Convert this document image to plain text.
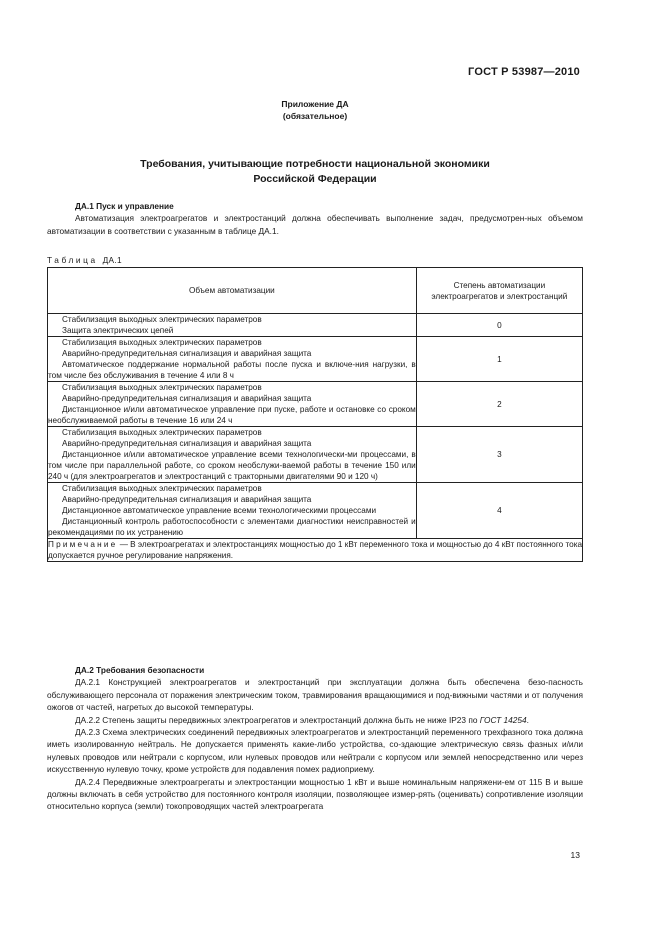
ГОСТ Р 53987—2010
Приложение ДА
(обязательное)
Требования, учитывающие потребности национальной экономики
Российской Федерации

ДА.1 Пуск и управление

Автоматизация электроагрегатов и электростанций должна обеспечивать выполнение задач, предусмотрен-ных объемом автоматизации в соответствии с указанным в таблице ДА.1.

Таблица ДА.1
Объем автоматизации	Степень автоматизации
электроагрегатов и электростанций

Стабилизация выходных электрических параметров
Защита электрических цепей	0

Стабилизация выходных электрических параметров
Аварийно-предупредительная сигнализация и аварийная защита
Автоматическое поддержание нормальной работы после пуска и включе-ния нагрузки, в том числе без обслуживания в течение 4 или 8 ч	1

Стабилизация выходных электрических параметров
Аварийно-предупредительная сигнализация и аварийная защита
Дистанционное и/или автоматическое управление при пуске, работе и остановке со сроком необслуживаемой работы в течение 16 или 24 ч	2

Стабилизация выходных электрических параметров
Аварийно-предупредительная сигнализация и аварийная защита
Дистанционное и/или автоматическое управление всеми технологически-ми процессами, в том числе при параллельной работе, со сроком необслужи-ваемой работы в течение 150 или 240 ч (для электроагрегатов и электростанций с тракторными двигателями 90 и 120 ч)	3

Стабилизация выходных электрических параметров
Аварийно-предупредительная сигнализация и аварийная защита
Дистанционное автоматическое управление всеми технологическими процессами
Дистанционный контроль работоспособности с элементами диагностики неисправностей и рекомендациями по их устранению	4
Примечание — В электроагрегатах и электростанциях мощностью до 1 кВт переменного тока и мощностью до 4 кВт постоянного тока допускается ручное регулирование напряжения.	

ДА.2 Требования безопасности

ДА.2.1 Конструкцией электроагрегатов и электростанций при эксплуатации должна быть обеспечена безо-пасность обслуживающего персонала от поражения электрическим током, травмирования вращающимися и под-вижными частями и от получения ожогов от частей, нагретых до высокой температуры.

ДА.2.2 Степень защиты передвижных электроагрегатов и электростанций должна быть не ниже IP23 по ГОСТ 14254.

ДА.2.3 Схема электрических соединений передвижных электроагрегатов и электростанций переменного трехфазного тока должна иметь изолированную нейтраль. Не допускается применять какие-либо устройства, со-здающие электрическую связь фазных и/или нулевых проводов или нейтрали с корпусом, или нулевых проводов или нейтрали с корпусом или землей непосредственно или через искусственную нулевую точку, кроме устройств для подавления помех радиоприему.

ДА.2.4 Передвижные электроагрегаты и электростанции мощностью 1 кВт и выше номинальным напряжени-ем от 115 В и выше должны включать в себя устройство для постоянного контроля изоляции, позволяющее измеp-рять (оценивать) сопротивление изоляции относительно корпуса (земли) токопроводящих частей электроагрегата

13
